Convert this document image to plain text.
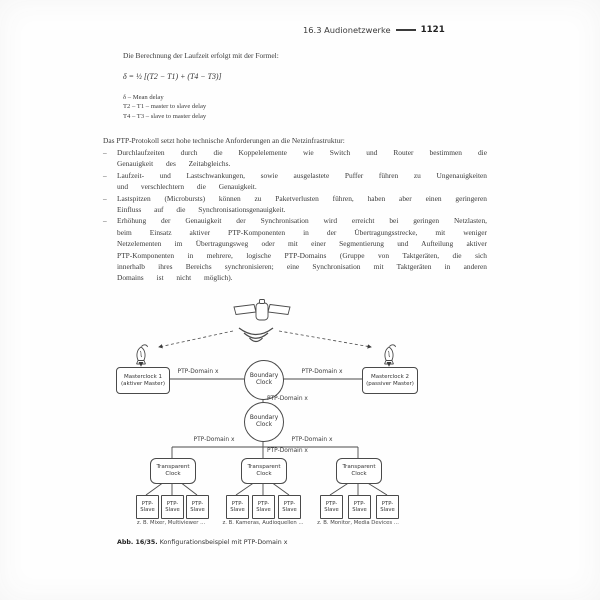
16.3 Audionetzwerke	1121
Die Berechnung der Laufzeit erfolgt mit der Formel:
δ = ½ [(T2 − T1) + (T4 − T3)]
δ – Mean delay
T2 – T1 – master to slave delay
T4 – T3 – slave to master delay
Das PTP-Protokoll setzt hohe technische Anforderungen an die Netzinfrastruktur:
– Durchlaufzeiten durch die Koppelelemente wie Switch und Router bestimmen die Genauigkeit des Zeitabgleichs.
– Laufzeit- und Lastschwankungen, sowie ausgelastete Puffer führen zu Ungenauigkeiten und verschlechtern die Genauigkeit.
– Lastspitzen (Microbursts) können zu Paketverlusten führen, haben aber einen geringeren Einfluss auf die Synchronisationsgenauigkeit.
– Erhöhung der Genauigkeit der Synchronisation wird erreicht bei geringen Netzlasten, beim Einsatz aktiver PTP-Komponenten in der Übertragungsstrecke, mit weniger Netzelementen im Übertragungsweg oder mit einer Segmentierung und Aufteilung aktiver PTP-Komponenten in mehrere, logische PTP-Domains (Gruppe von Taktgeräten, die sich innerhalb ihres Bereichs synchronisieren; eine Synchronisation mit Taktgeräten in anderen Domains ist nicht möglich).
Masterclock 1
(aktiver Master)
Masterclock 2
(passiver Master)
Boundary
Clock
Boundary
Clock
Transparent
Clock
Transparent
Clock
Transparent
Clock
PTP-
Slave
PTP-
Slave
PTP-
Slave
PTP-
Slave
PTP-
Slave
PTP-
Slave
PTP-
Slave
PTP-
Slave
PTP-
Slave
PTP-Domain x	PTP-Domain x
PTP-Domain x
PTP-Domain x	PTP-Domain x
PTP-Domain x
z. B. Mixer, Multiviewer ...	z. B. Kameras, Audioquellen ...	z. B. Monitor, Media Devices ...
Abb. 16/35. Konfigurationsbeispiel mit PTP-Domain x
